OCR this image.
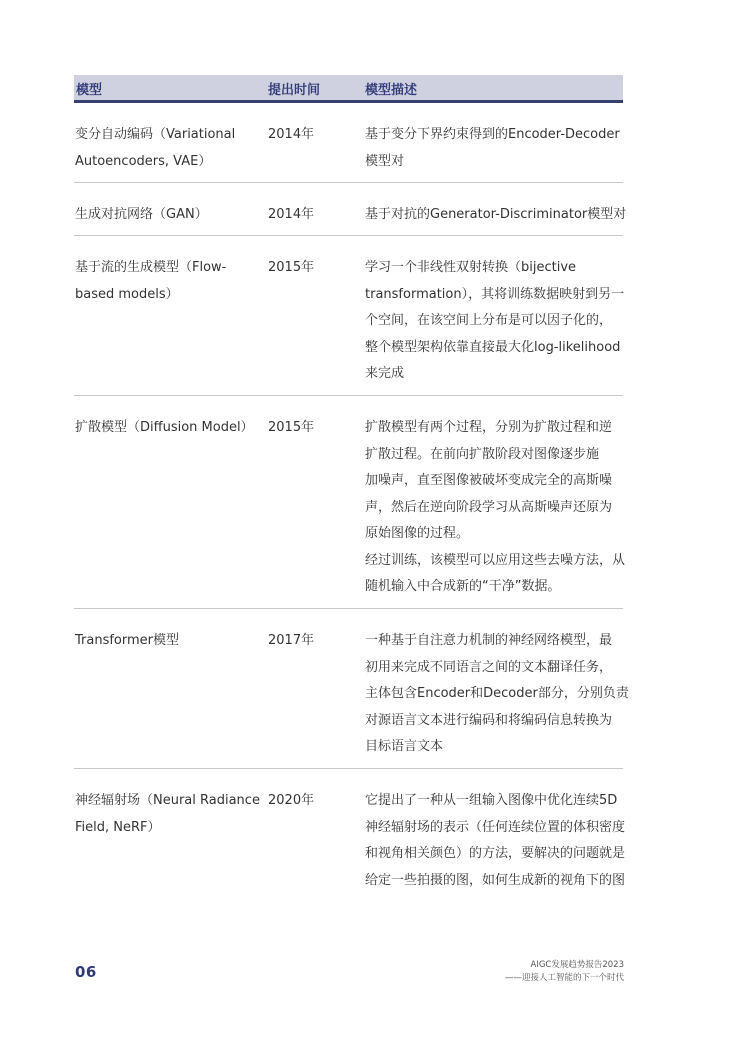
模型	提出时间	模型描述
变分自动编码（Variational
Autoencoders, VAE）
2014年	基于变分下界约束得到的Encoder-Decoder
模型对
生成对抗网络（GAN）	2014年	基于对抗的Generator-Discriminator模型对
基于流的生成模型（Flow-
based models）
2015年	学习一个非线性双射转换（bijective
transformation），其将训练数据映射到另一
个空间，在该空间上分布是可以因子化的，
整个模型架构依靠直接最大化log-likelihood
来完成
扩散模型（Diffusion Model） 2015年	扩散模型有两个过程，分别为扩散过程和逆
扩散过程。在前向扩散阶段对图像逐步施
加噪声，直至图像被破坏变成完全的高斯噪
声，然后在逆向阶段学习从高斯噪声还原为
原始图像的过程。
经过训练，该模型可以应用这些去噪方法，从
随机输入中合成新的“干净”数据。
Transformer模型	2017年	一种基于自注意力机制的神经网络模型，最
初用来完成不同语言之间的文本翻译任务，
主体包含Encoder和Decoder部分，分别负责
对源语言文本进行编码和将编码信息转换为
目标语言文本
神经辐射场（Neural Radiance
Field, NeRF）
2020年	它提出了一种从一组输入图像中优化连续5D
神经辐射场的表示（任何连续位置的体积密度
和视角相关颜色）的方法，要解决的问题就是
给定一些拍摄的图，如何生成新的视角下的图
06	AIGC发展趋势报告2023
——迎接人工智能的下一个时代
